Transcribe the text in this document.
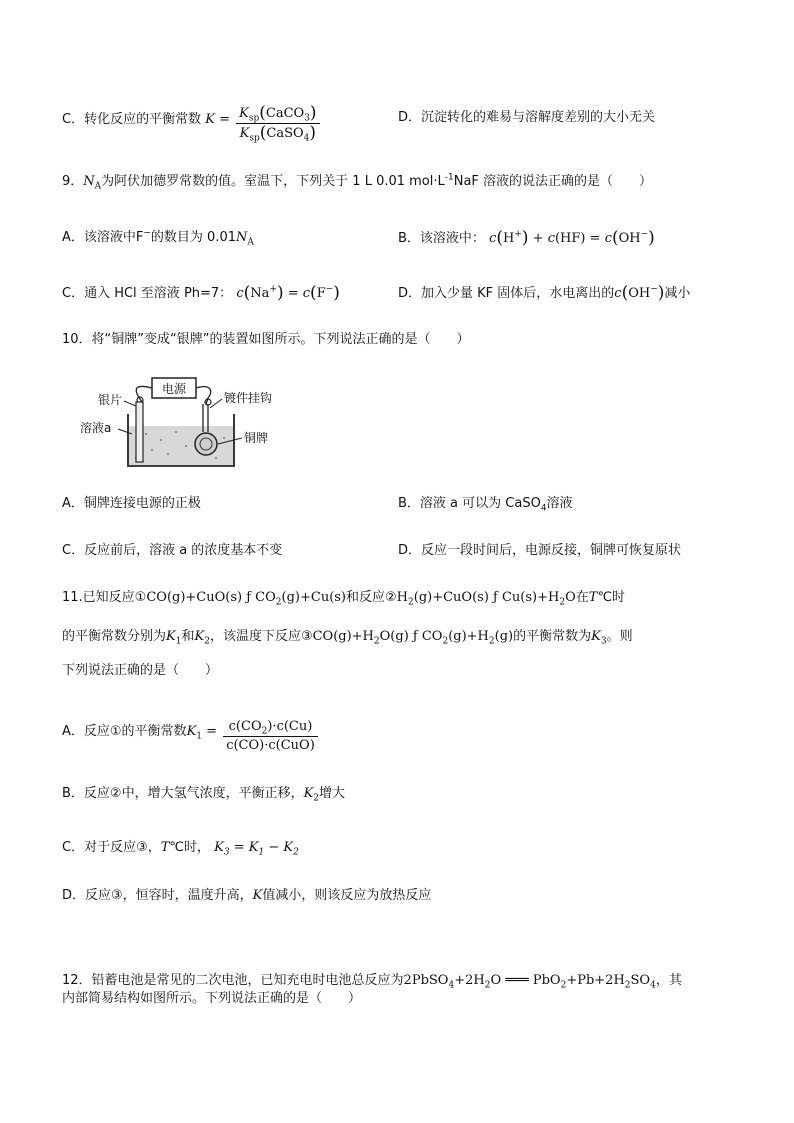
C．转化反应的平衡常数 $K = \frac{K_{sp}(CaCO_3)}{K_{sp}(CaSO_4)}$	D．沉淀转化的难易与溶解度差别的大小无关
9．$N_A$为阿伏加德罗常数的值。室温下，下列关于 1 L 0.01 $mol\cdot L^{-1}NaF$ 溶液的说法正确的是（　　）
A．该溶液中F−的数目为 $0.01N_A$	B．该溶液中： c(H+) + c(HF) = c(OH−)
C．通入 HCl 至溶液 Ph=7： c(Na+) = c(F−)	D．加入少量 KF 固体后，水电离出的c(OH−)减小
10．将“铜牌”变成“银牌”的装置如图所示。下列说法正确的是（　　）
电源
银片
溶液a
镀件挂钩
铜牌
A．铜牌连接电源的正极	B．溶液 a 可以为 CaSO$_4$溶液
C．反应前后，溶液 a 的浓度基本不变	D．反应一段时间后，电源反接，铜牌可恢复原状
11.已知反应①CO(g)+CuO(s) ƒ $CO_2(g)+Cu(s)$和反应$②H_2(g)+CuO(s)$ ƒ $Cu(s)+H_2O$在T℃时
的平衡常数分别为$K_1$和$K_2$，该温度下反应$③CO(g)+H_2O(g)$ ƒ $CO_2(g)+H_2(g)$的平衡常数为$K_3$。则
下列说法正确的是（　　）
A．反应①的平衡常数$K_1 = \frac{c(CO_2)\cdot c(Cu)}{\text{c(CO)·c(CuO)}}$
B．反应②中，增大氢气浓度，平衡正移，$K_2$增大
C．对于反应③，T℃时， $K_3 = K_1 - K_2$
D．反应③，恒容时，温度升高，K值减小，则该反应为放热反应
12．铅蓄电池是常见的二次电池，已知充电时电池总反应为$2PbSO_4+2H_2O$ ═══ $PbO_2+Pb+2H_2SO_4$，其
内部简易结构如图所示。下列说法正确的是（　　）
